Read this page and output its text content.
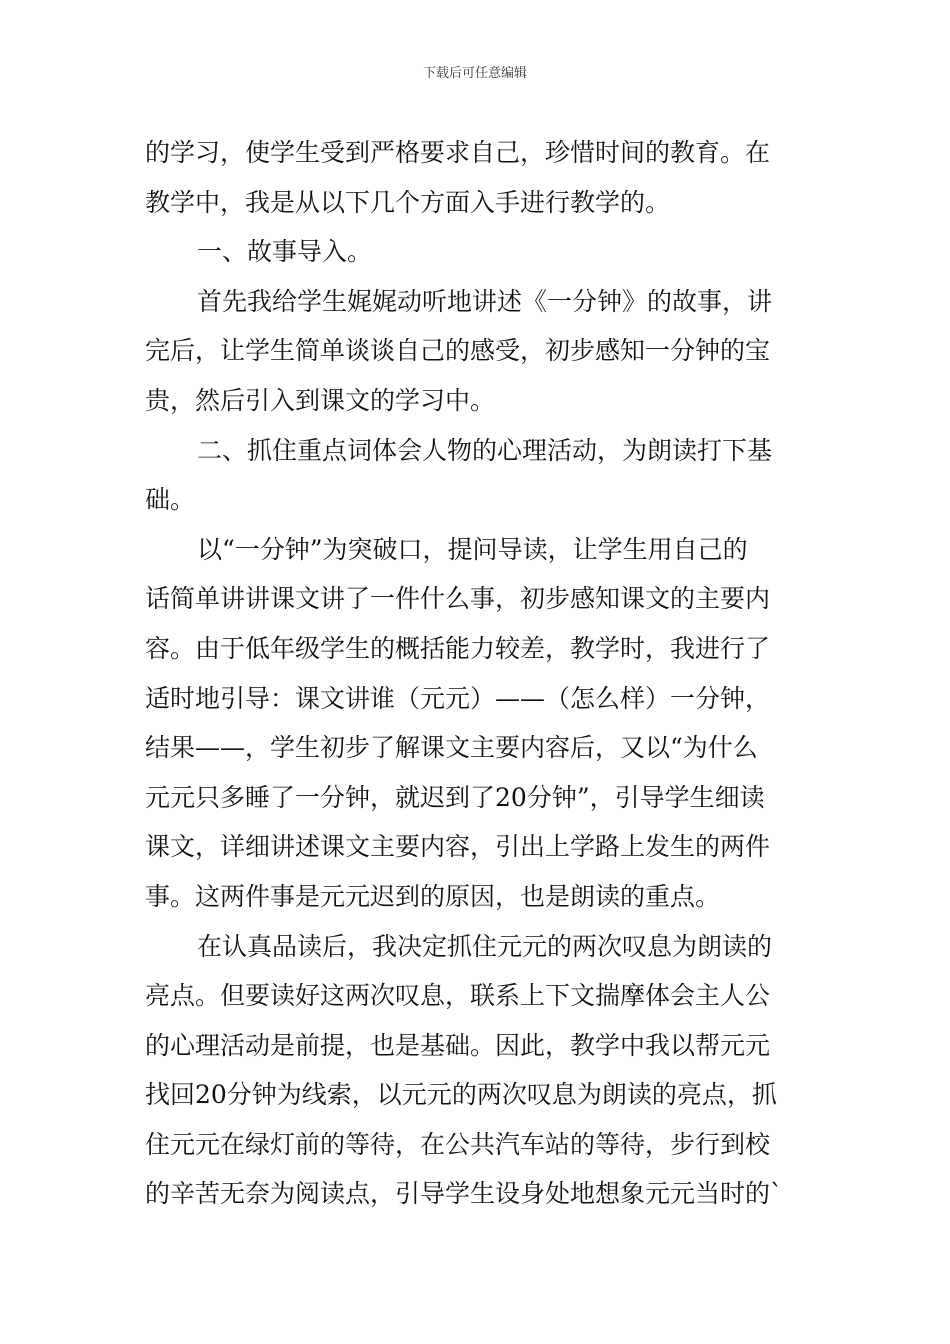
下载后可任意编辑
的学习，使学生受到严格要求自己，珍惜时间的教育。在
教学中，我是从以下几个方面入手进行教学的。
一、故事导入。
首先我给学生娓娓动听地讲述《一分钟》的故事，讲
完后，让学生简单谈谈自己的感受，初步感知一分钟的宝
贵，然后引入到课文的学习中。
二、抓住重点词体会人物的心理活动，为朗读打下基
础。
以“一分钟”为突破口，提问导读，让学生用自己的
话简单讲讲课文讲了一件什么事，初步感知课文的主要内
容。由于低年级学生的概括能力较差，教学时，我进行了
适时地引导：课文讲谁（元元）——（怎么样）一分钟，
结果——，学生初步了解课文主要内容后，又以“为什么
元元只多睡了一分钟，就迟到了20分钟”，引导学生细读
课文，详细讲述课文主要内容，引出上学路上发生的两件
事。这两件事是元元迟到的原因，也是朗读的重点。
在认真品读后，我决定抓住元元的两次叹息为朗读的
亮点。但要读好这两次叹息，联系上下文揣摩体会主人公
的心理活动是前提，也是基础。因此，教学中我以帮元元
找回20分钟为线索，以元元的两次叹息为朗读的亮点，抓
住元元在绿灯前的等待，在公共汽车站的等待，步行到校
的辛苦无奈为阅读点，引导学生设身处地想象元元当时的`
